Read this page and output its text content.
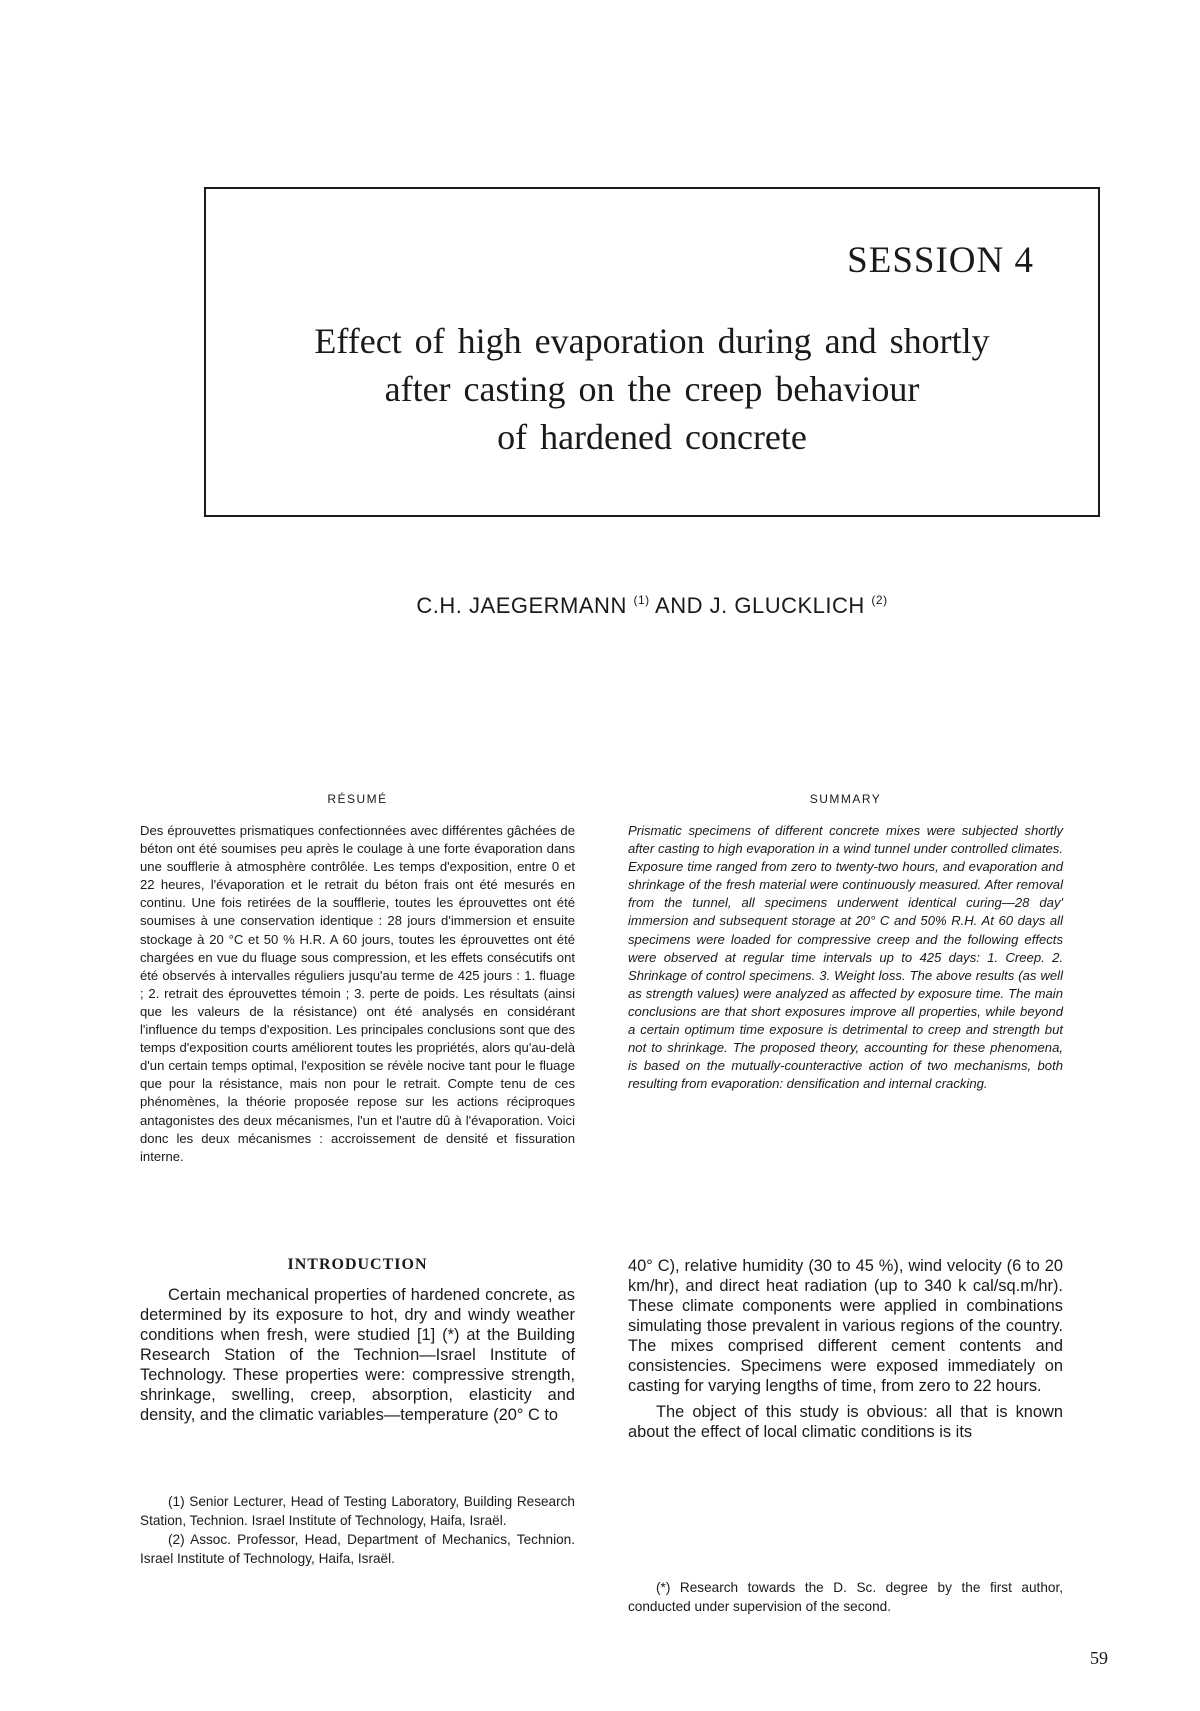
SESSION 4
Effect of high evaporation during and shortly
after casting on the creep behaviour
of hardened concrete
C.H. JAEGERMANN $^{(1)}$ AND J. GLUCKLICH $^{(2)}$
RÉSUMÉ
Des éprouvettes prismatiques confectionnées avec différentes gâchées de béton ont été soumises peu après le coulage à une forte évaporation dans une soufflerie à atmosphère contrôlée. Les temps d'exposition, entre 0 et 22 heures, l'évaporation et le retrait du béton frais ont été mesurés en continu. Une fois retirées de la soufflerie, toutes les éprouvettes ont été soumises à une conservation identique : 28 jours d'immersion et ensuite stockage à 20 °C et 50 % H.R. A 60 jours, toutes les éprouvettes ont été chargées en vue du fluage sous compression, et les effets consécutifs ont été observés à intervalles réguliers jusqu'au terme de 425 jours : 1. fluage ; 2. retrait des éprouvettes témoin ; 3. perte de poids. Les résultats (ainsi que les valeurs de la résistance) ont été analysés en considérant l'influence du temps d'exposition. Les principales conclusions sont que des temps d'exposition courts améliorent toutes les propriétés, alors qu'au-delà d'un certain temps optimal, l'exposition se révèle nocive tant pour le fluage que pour la résistance, mais non pour le retrait. Compte tenu de ces phénomènes, la théorie proposée repose sur les actions réciproques antagonistes des deux mécanismes, l'un et l'autre dû à l'évaporation. Voici donc les deux mécanismes : accroissement de densité et fissuration interne.
SUMMARY
Prismatic specimens of different concrete mixes were subjected shortly after casting to high evaporation in a wind tunnel under controlled climates. Exposure time ranged from zero to twenty-two hours, and evaporation and shrinkage of the fresh material were continuously measured. After removal from the tunnel, all specimens underwent identical curing—28 day' immersion and subsequent storage at 20° C and 50% R.H. At 60 days all specimens were loaded for compressive creep and the following effects were observed at regular time intervals up to 425 days: 1. Creep. 2. Shrinkage of control specimens. 3. Weight loss. The above results (as well as strength values) were analyzed as affected by exposure time. The main conclusions are that short exposures improve all properties, while beyond a certain optimum time exposure is detrimental to creep and strength but not to shrinkage. The proposed theory, accounting for these phenomena, is based on the mutually-counteractive action of two mechanisms, both resulting from evaporation: densification and internal cracking.
INTRODUCTION

Certain mechanical properties of hardened concrete, as determined by its exposure to hot, dry and windy weather conditions when fresh, were studied [1] (*) at the Building Research Station of the Technion—Israel Institute of Technology. These properties were: compressive strength, shrinkage, swelling, creep, absorption, elasticity and density, and the climatic variables—temperature (20° C to

40° C), relative humidity (30 to 45 %), wind velocity (6 to 20 km/hr), and direct heat radiation (up to 340 k cal/sq.m/hr). These climate components were applied in combinations simulating those prevalent in various regions of the country. The mixes comprised different cement contents and consistencies. Specimens were exposed immediately on casting for varying lengths of time, from zero to 22 hours.

The object of this study is obvious: all that is known about the effect of local climatic conditions is its

(1) Senior Lecturer, Head of Testing Laboratory, Building Research Station, Technion. Israel Institute of Technology, Haifa, Israël.

(2) Assoc. Professor, Head, Department of Mechanics, Technion. Israel Institute of Technology, Haifa, Israël.

(*) Research towards the D. Sc. degree by the first author, conducted under supervision of the second.

59
